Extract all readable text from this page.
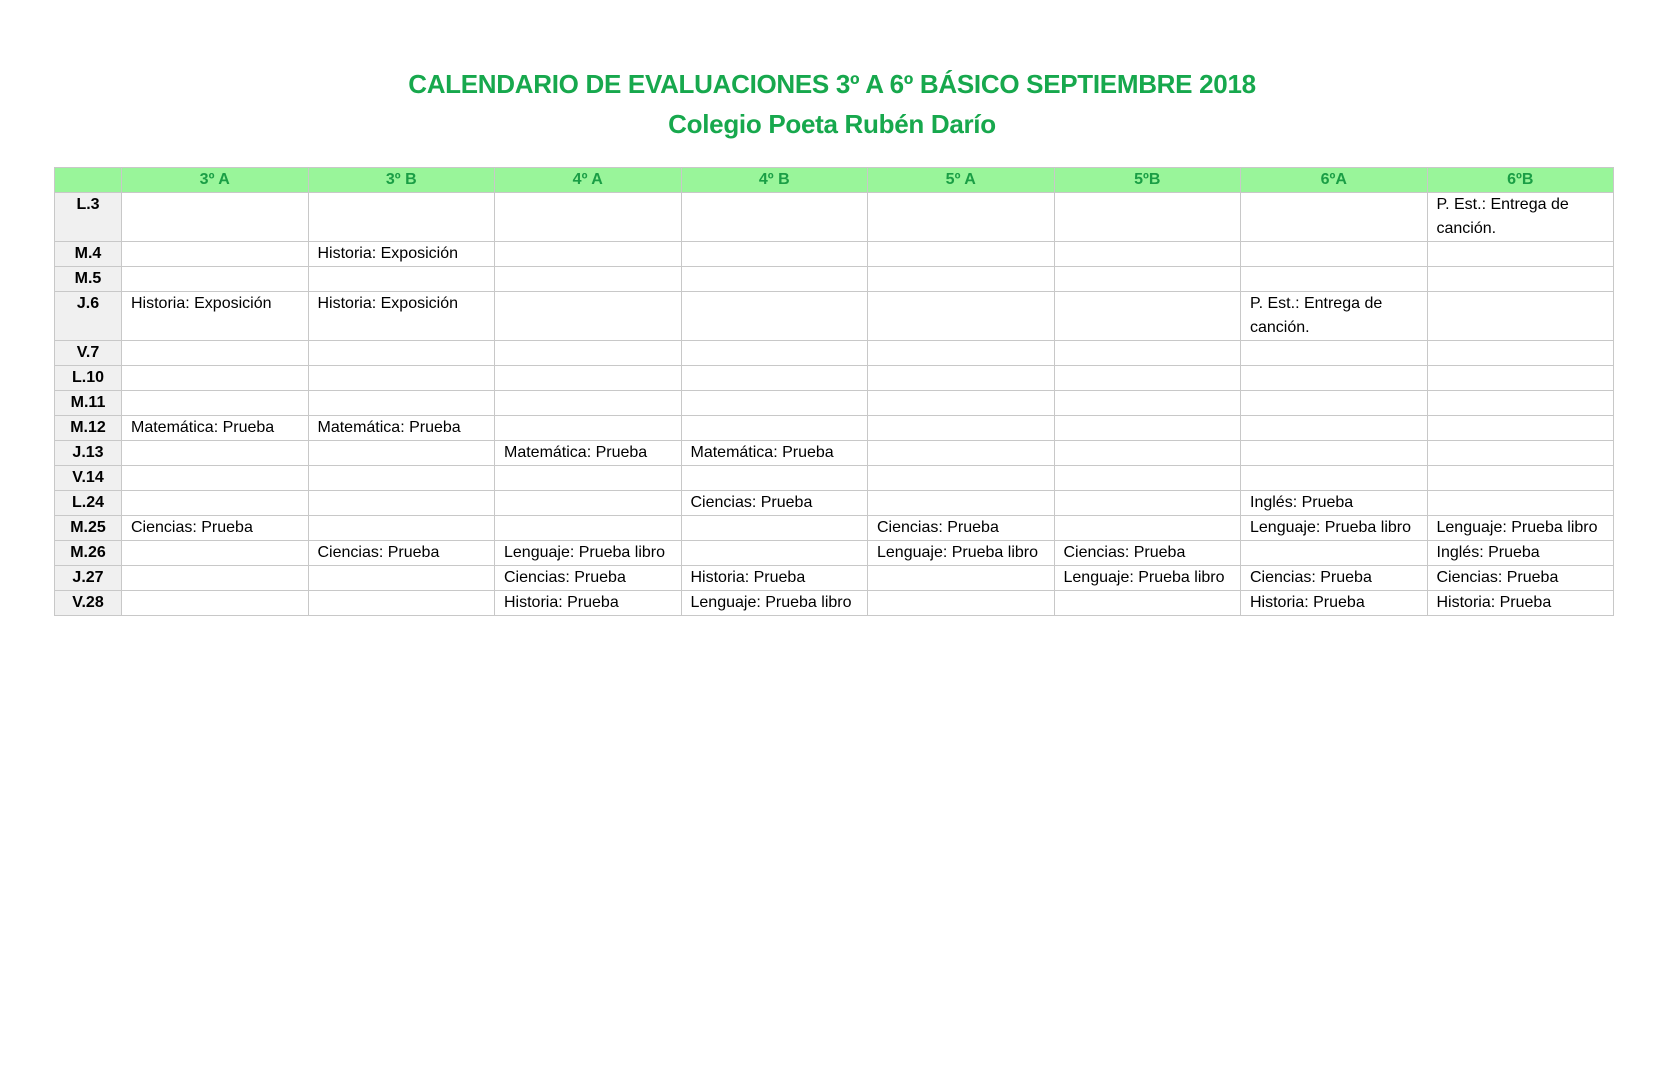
CALENDARIO DE EVALUACIONES 3º A 6º BÁSICO SEPTIEMBRE 2018
Colegio Poeta Rubén Darío
	3º A	3º B	4º A	4º B	5º A	5ºB	6ºA	6ºB
L.3								P. Est.: Entrega de canción.
M.4		Historia: Exposición						
M.5								
J.6	Historia: Exposición	Historia: Exposición					P. Est.: Entrega de canción.	
V.7								
L.10								
M.11								
M.12	Matemática: Prueba	Matemática: Prueba						
J.13			Matemática: Prueba	Matemática: Prueba				
V.14								
L.24				Ciencias: Prueba			Inglés: Prueba	
M.25	Ciencias: Prueba				Ciencias: Prueba		Lenguaje: Prueba libro	Lenguaje: Prueba libro
M.26		Ciencias: Prueba	Lenguaje: Prueba libro		Lenguaje: Prueba libro	Ciencias: Prueba		Inglés: Prueba
J.27			Ciencias: Prueba	Historia: Prueba		Lenguaje: Prueba libro	Ciencias: Prueba	Ciencias: Prueba
V.28			Historia: Prueba	Lenguaje: Prueba libro			Historia: Prueba	Historia: Prueba
